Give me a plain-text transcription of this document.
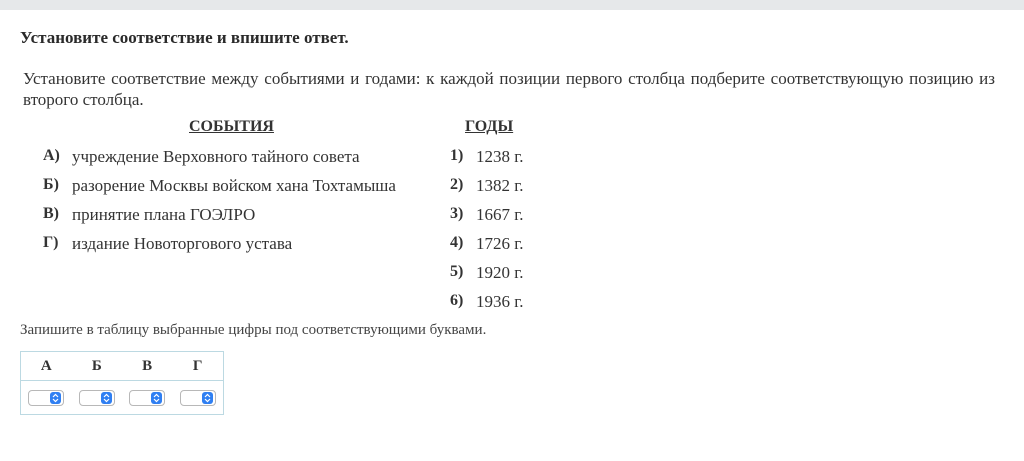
Установите соответствие и впишите ответ.
Установите соответствие между событиями и годами: к каждой позиции первого столбца подберите соответствующую позицию из второго столбца.
СОБЫТИЯ	ГОДЫ
А) учреждение Верховного тайного совета
Б) разорение Москвы войском хана Тохтамыша
В) принятие плана ГОЭЛРО
Г) издание Новоторгового устава
1) 1238 г.
2) 1382 г.
3) 1667 г.
4) 1726 г.
5) 1920 г.
6) 1936 г.
Запишите в таблицу выбранные цифры под соответствующими буквами.
А	Б	В	Г
